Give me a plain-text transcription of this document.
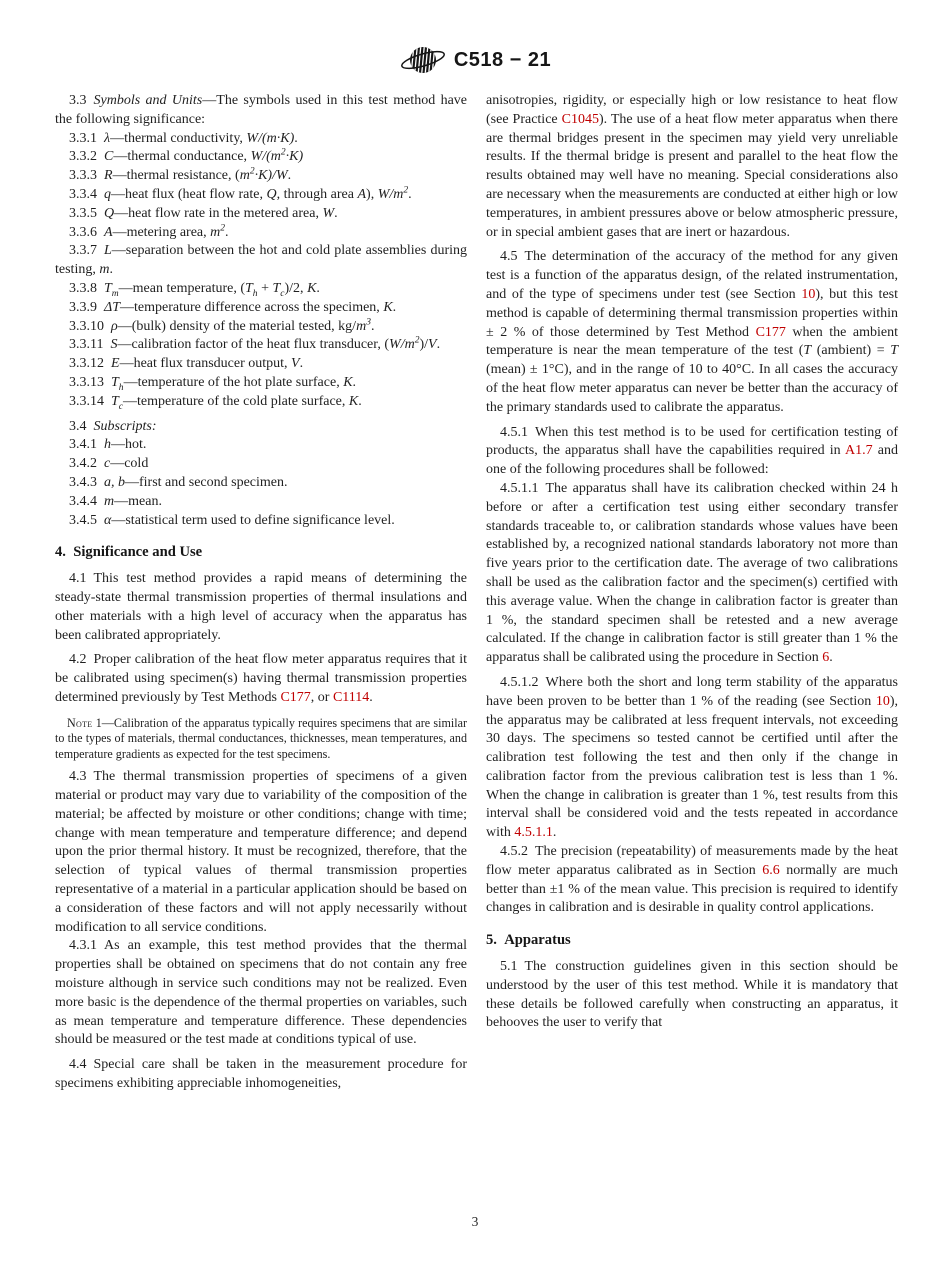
C518 − 21

3.3 Symbols and Units—The symbols used in this test method have the following significance:

3.3.1 λ—thermal conductivity, W/(m·K).

3.3.2 C—thermal conductance, $W/(m^2\cdot K)$

3.3.3 R—thermal resistance, $(m^2\cdot K)/W$.

3.3.4 q—heat flux (heat flow rate, Q, through area A), $W/m^2$.

3.3.5 Q—heat flow rate in the metered area, W.

3.3.6 A—metering area, $m^2$.

3.3.7 L—separation between the hot and cold plate assemblies during testing, m.

3.3.8 $T_m—mean$ temperature, $(T_h + T_c)/2$, K.

3.3.9 ΔT—temperature difference across the specimen, K.

3.3.10 ρ—(bulk) density of the material tested, $kg/m^3$.

3.3.11 S—calibration factor of the heat flux transducer, $(W/m^2)/V$.

3.3.12 E—heat flux transducer output, V.

3.3.13 $T_h—temperature$ of the hot plate surface, K.

3.3.14 $T_c—temperature$ of the cold plate surface, K.

3.4 Subscripts:

3.4.1 h—hot.

3.4.2 c—cold

3.4.3 a, b—first and second specimen.

3.4.4 m—mean.

3.4.5 α—statistical term used to define significance level.

4. Significance and Use

4.1 This test method provides a rapid means of determining the steady-state thermal transmission properties of thermal insulations and other materials with a high level of accuracy when the apparatus has been calibrated appropriately.

4.2 Proper calibration of the heat flow meter apparatus requires that it be calibrated using specimen(s) having thermal transmission properties determined previously by Test Methods C177, or C1114.

Note 1—Calibration of the apparatus typically requires specimens that are similar to the types of materials, thermal conductances, thicknesses, mean temperatures, and temperature gradients as expected for the test specimens.

4.3 The thermal transmission properties of specimens of a given material or product may vary due to variability of the composition of the material; be affected by moisture or other conditions; change with time; change with mean temperature and temperature difference; and depend upon the prior thermal history. It must be recognized, therefore, that the selection of typical values of thermal transmission properties representative of a material in a particular application should be based on a consideration of these factors and will not apply necessarily without modification to all service conditions.

4.3.1 As an example, this test method provides that the thermal properties shall be obtained on specimens that do not contain any free moisture although in service such conditions may not be realized. Even more basic is the dependence of the thermal properties on variables, such as mean temperature and temperature difference. These dependencies should be measured or the test made at conditions typical of use.

4.4 Special care shall be taken in the measurement procedure for specimens exhibiting appreciable inhomogeneities,

anisotropies, rigidity, or especially high or low resistance to heat flow (see Practice C1045). The use of a heat flow meter apparatus when there are thermal bridges present in the specimen may yield very unreliable results. If the thermal bridge is present and parallel to the heat flow the results obtained may well have no meaning. Special considerations also are necessary when the measurements are conducted at either high or low temperatures, in ambient pressures above or below atmospheric pressure, or in special ambient gases that are inert or hazardous.

4.5 The determination of the accuracy of the method for any given test is a function of the apparatus design, of the related instrumentation, and of the type of specimens under test (see Section 10), but this test method is capable of determining thermal transmission properties within ± 2 % of those determined by Test Method C177 when the ambient temperature is near the mean temperature of the test (T (ambient) = T (mean) ± 1°C), and in the range of 10 to 40°C. In all cases the accuracy of the heat flow meter apparatus can never be better than the accuracy of the primary standards used to calibrate the apparatus.

4.5.1 When this test method is to be used for certification testing of products, the apparatus shall have the capabilities required in A1.7 and one of the following procedures shall be followed:

4.5.1.1 The apparatus shall have its calibration checked within 24 h before or after a certification test using either secondary transfer standards traceable to, or calibration standards whose values have been established by, a recognized national standards laboratory not more than five years prior to the certification date. The average of two calibrations shall be used as the calibration factor and the specimen(s) certified with this average value. When the change in calibration factor is greater than 1 %, the standard specimen shall be retested and a new average calculated. If the change in calibration factor is still greater than 1 % the apparatus shall be calibrated using the procedure in Section 6.

4.5.1.2 Where both the short and long term stability of the apparatus have been proven to be better than 1 % of the reading (see Section 10), the apparatus may be calibrated at less frequent intervals, not exceeding 30 days. The specimens so tested cannot be certified until after the calibration test following the test and then only if the change in calibration factor from the previous calibration test is less than 1 %. When the change in calibration is greater than 1 %, test results from this interval shall be considered void and the tests repeated in accordance with 4.5.1.1.

4.5.2 The precision (repeatability) of measurements made by the heat flow meter apparatus calibrated as in Section 6.6 normally are much better than ±1 % of the mean value. This precision is required to identify changes in calibration and is desirable in quality control applications.

5. Apparatus

5.1 The construction guidelines given in this section should be understood by the user of this test method. While it is mandatory that these details be followed carefully when constructing an apparatus, it behooves the user to verify that

3
